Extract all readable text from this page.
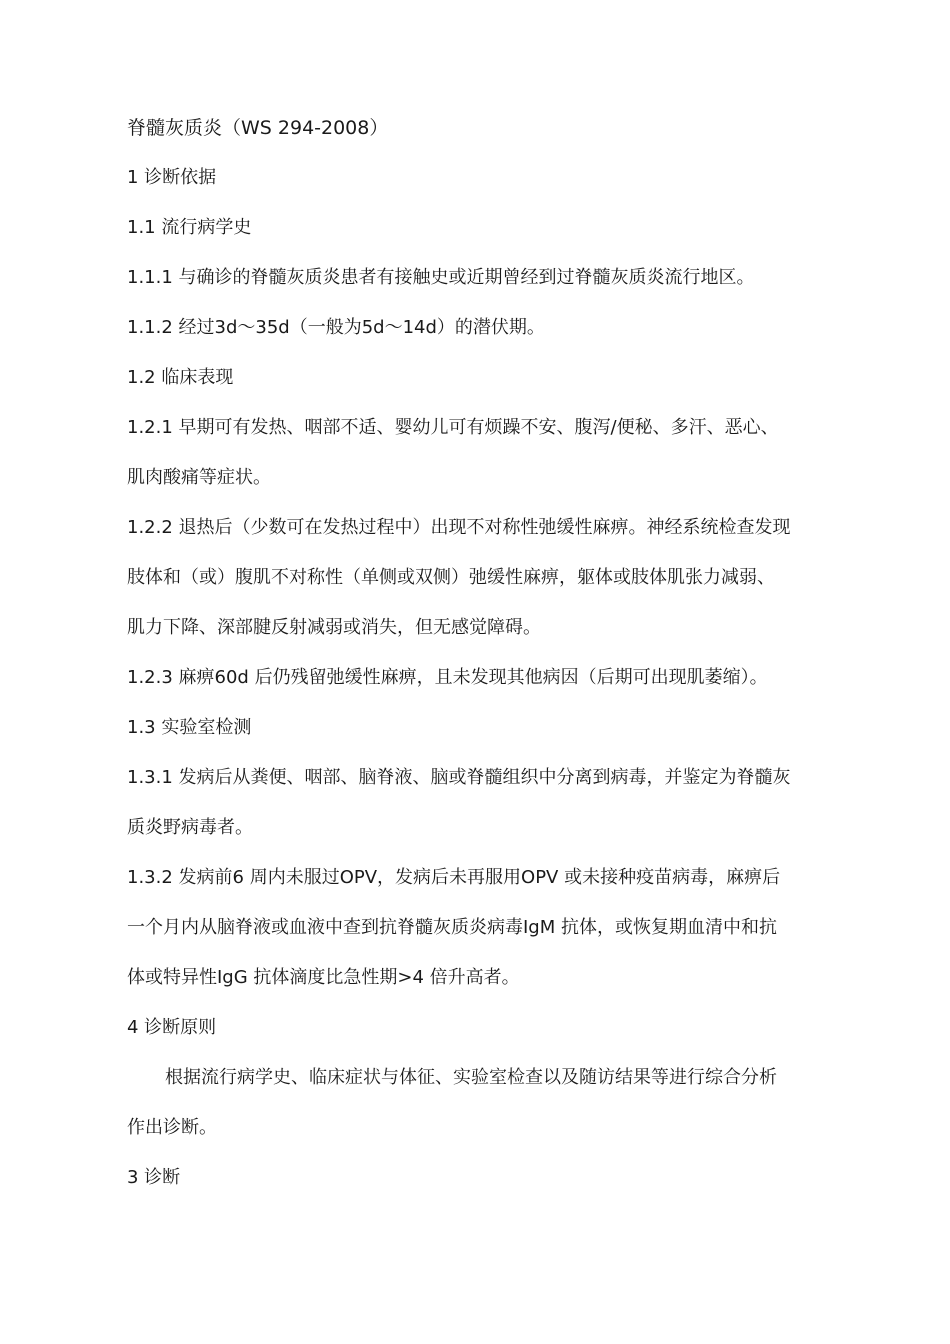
脊髓灰质炎（WS 294-2008）
1 诊断依据
1.1 流行病学史
1.1.1 与确诊的脊髓灰质炎患者有接触史或近期曾经到过脊髓灰质炎流行地区。
1.1.2 经过3d～35d（一般为5d～14d）的潜伏期。
1.2 临床表现
1.2.1 早期可有发热、咽部不适、婴幼儿可有烦躁不安、腹泻/便秘、多汗、恶心、
肌肉酸痛等症状。
1.2.2 退热后（少数可在发热过程中）出现不对称性弛缓性麻痹。神经系统检查发现
肢体和（或）腹肌不对称性（单侧或双侧）弛缓性麻痹，躯体或肢体肌张力减弱、
肌力下降、深部腱反射减弱或消失，但无感觉障碍。
1.2.3 麻痹60d 后仍残留弛缓性麻痹，且未发现其他病因（后期可出现肌萎缩）。
1.3 实验室检测
1.3.1 发病后从粪便、咽部、脑脊液、脑或脊髓组织中分离到病毒，并鉴定为脊髓灰
质炎野病毒者。
1.3.2 发病前6 周内未服过OPV，发病后未再服用OPV 或未接种疫苗病毒，麻痹后
一个月内从脑脊液或血液中查到抗脊髓灰质炎病毒IgM 抗体，或恢复期血清中和抗
体或特异性IgG 抗体滴度比急性期>4 倍升高者。
4 诊断原则
根据流行病学史、临床症状与体征、实验室检查以及随访结果等进行综合分析
作出诊断。
3 诊断
